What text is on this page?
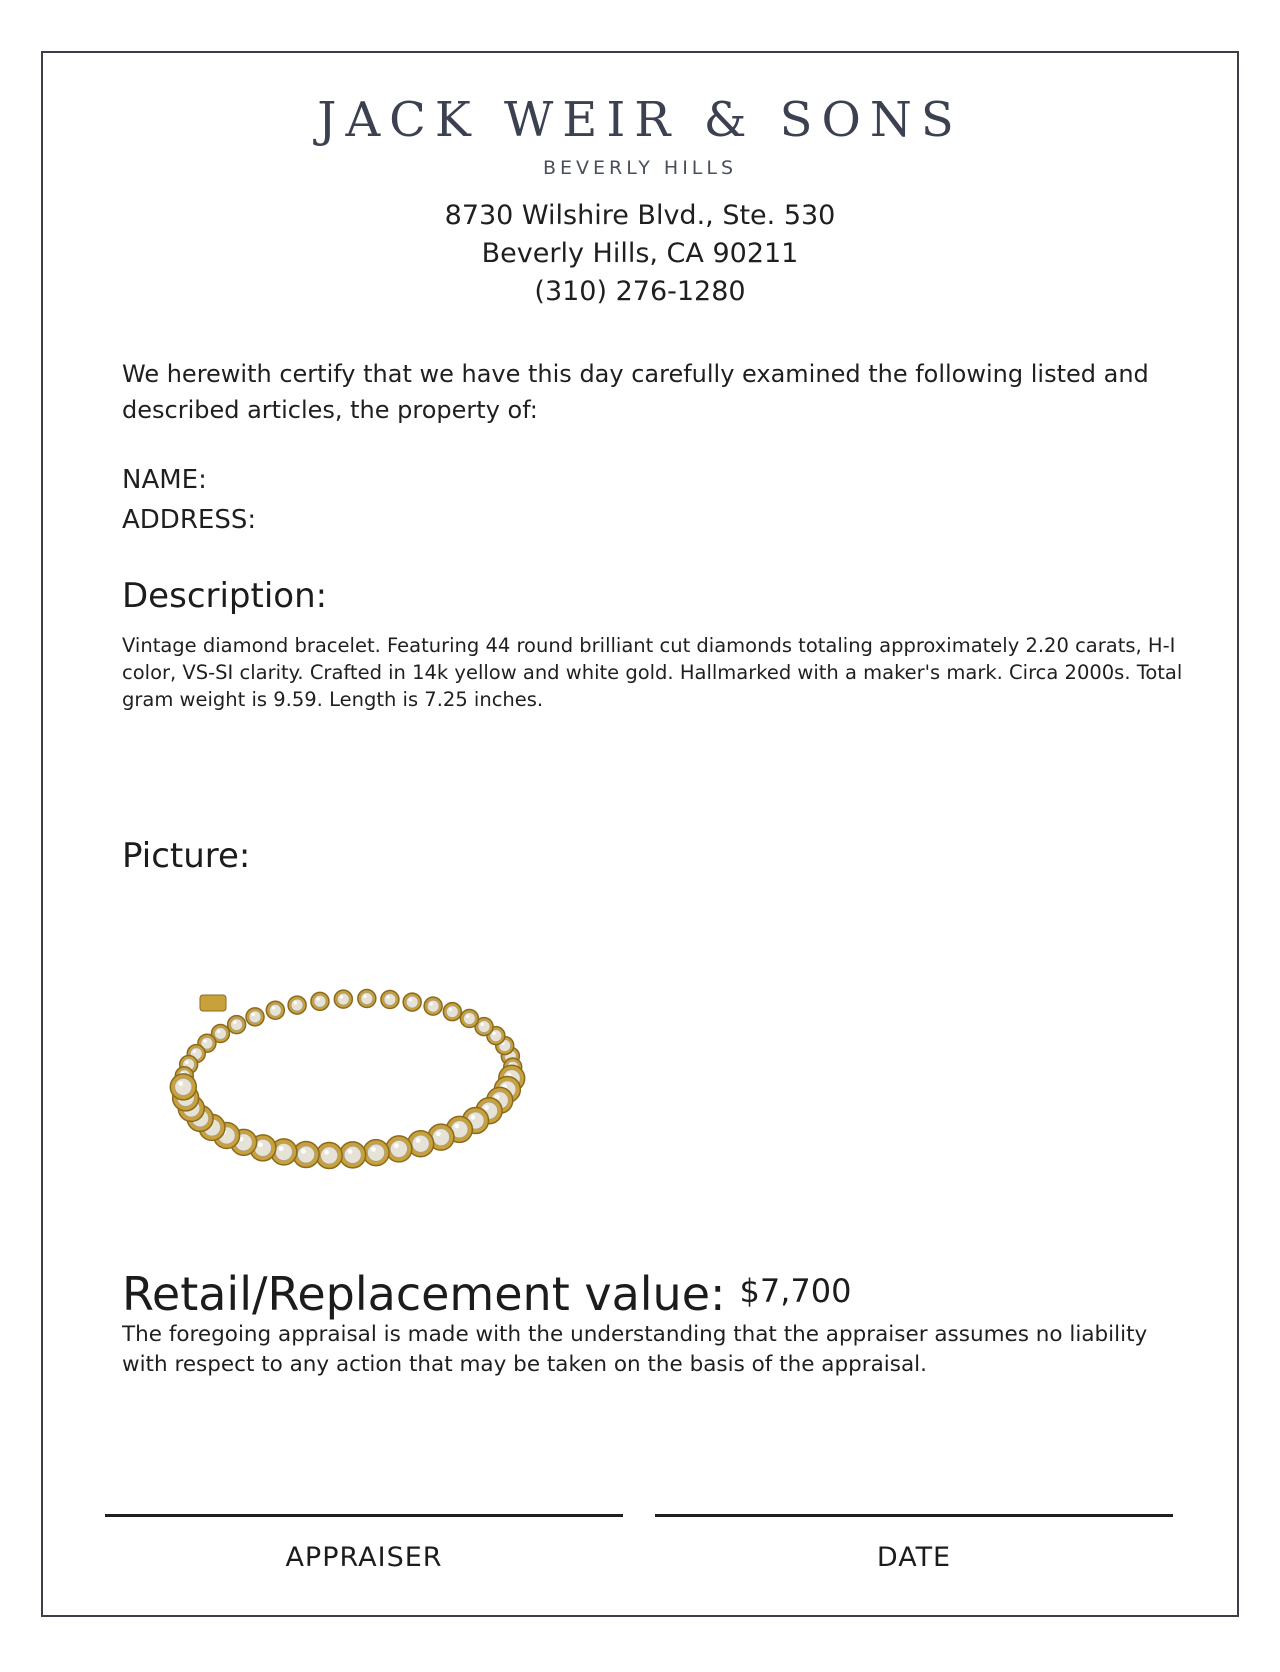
JACK WEIR & SONS
BEVERLY HILLS
8730 Wilshire Blvd., Ste. 530
Beverly Hills, CA 90211
(310) 276-1280
We herewith certify that we have this day carefully examined the following listed and described articles, the property of:
NAME:
ADDRESS:
Description:
Vintage diamond bracelet. Featuring 44 round brilliant cut diamonds totaling approximately 2.20 carats, H-I color, VS-SI clarity. Crafted in 14k yellow and white gold. Hallmarked with a maker's mark. Circa 2000s. Total gram weight is 9.59. Length is 7.25 inches.
Picture:
Retail/Replacement value: $7,700
The foregoing appraisal is made with the understanding that the appraiser assumes no liability with respect to any action that may be taken on the basis of the appraisal.
APPRAISER	DATE
